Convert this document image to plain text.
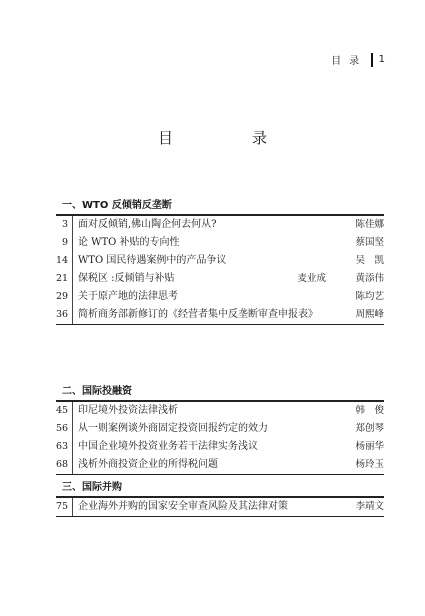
目录 1
目　录
一、WTO 反倾销反垄断
3 面对反倾销,佛山陶企何去何从?	陈佳娜
9 论 WTO 补贴的专向性	蔡国坚
14 WTO 国民待遇案例中的产品争议	吴　凯
21 保税区 :反倾销与补贴	麦业成	黄添伟
29 关于原产地的法律思考	陈均艺
36 简析商务部新修订的《经营者集中反垄断审查申报表》	周熙峰
二、国际投融资
45 印尼境外投资法律浅析	韩　俊
56 从一则案例谈外商固定投资回报约定的效力	郑创琴
63 中国企业境外投资业务若干法律实务浅议	杨丽华
68 浅析外商投资企业的所得税问题	杨玲玉
三、国际并购
75 企业海外并购的国家安全审查风险及其法律对策	李靖文
